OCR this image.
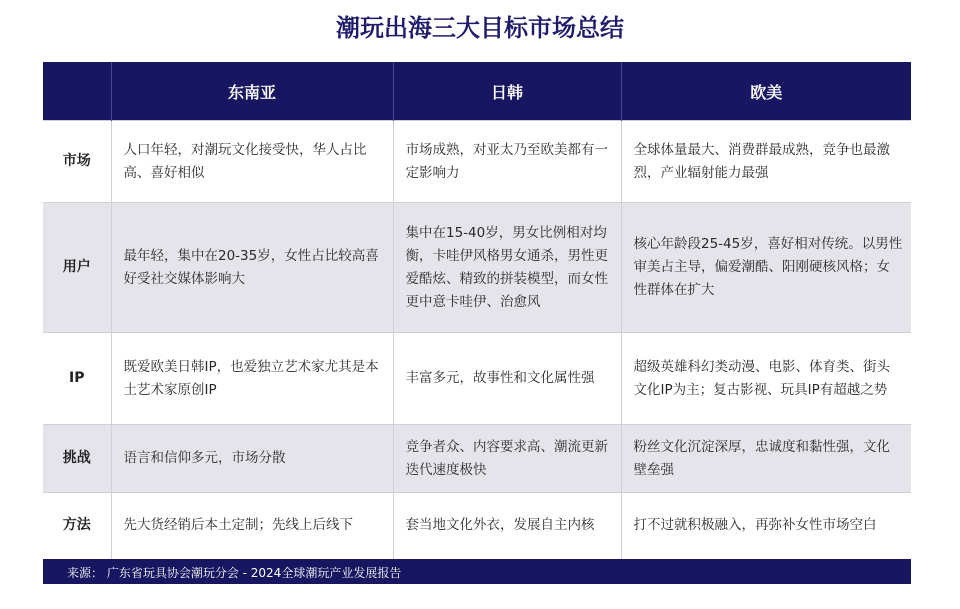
潮玩出海三大目标市场总结
	东南亚	日韩	欧美
市场	人口年轻，对潮玩文化接受快，华人占比高、喜好相似	市场成熟，对亚太乃至欧美都有一定影响力	全球体量最大、消费群最成熟，竞争也最激烈，产业辐射能力最强
用户	最年轻，集中在20-35岁，女性占比较高喜好受社交媒体影响大	集中在15-40岁，男女比例相对均衡，卡哇伊风格男女通杀，男性更爱酷炫、精致的拼装模型，而女性更中意卡哇伊、治愈风	核心年龄段25-45岁，喜好相对传统。以男性审美占主导，偏爱潮酷、阳刚硬核风格；女性群体在扩大
IP	既爱欧美日韩IP，也爱独立艺术家尤其是本土艺术家原创IP	丰富多元，故事性和文化属性强	超级英雄科幻类动漫、电影、体育类、街头文化IP为主；复古影视、玩具IP有超越之势
挑战	语言和信仰多元，市场分散	竞争者众、内容要求高、潮流更新迭代速度极快	粉丝文化沉淀深厚，忠诚度和黏性强，文化壁垒强
方法	先大货经销后本土定制；先线上后线下	套当地文化外衣，发展自主内核	打不过就积极融入，再弥补女性市场空白
来源： 广东省玩具协会潮玩分会 - 2024全球潮玩产业发展报告
